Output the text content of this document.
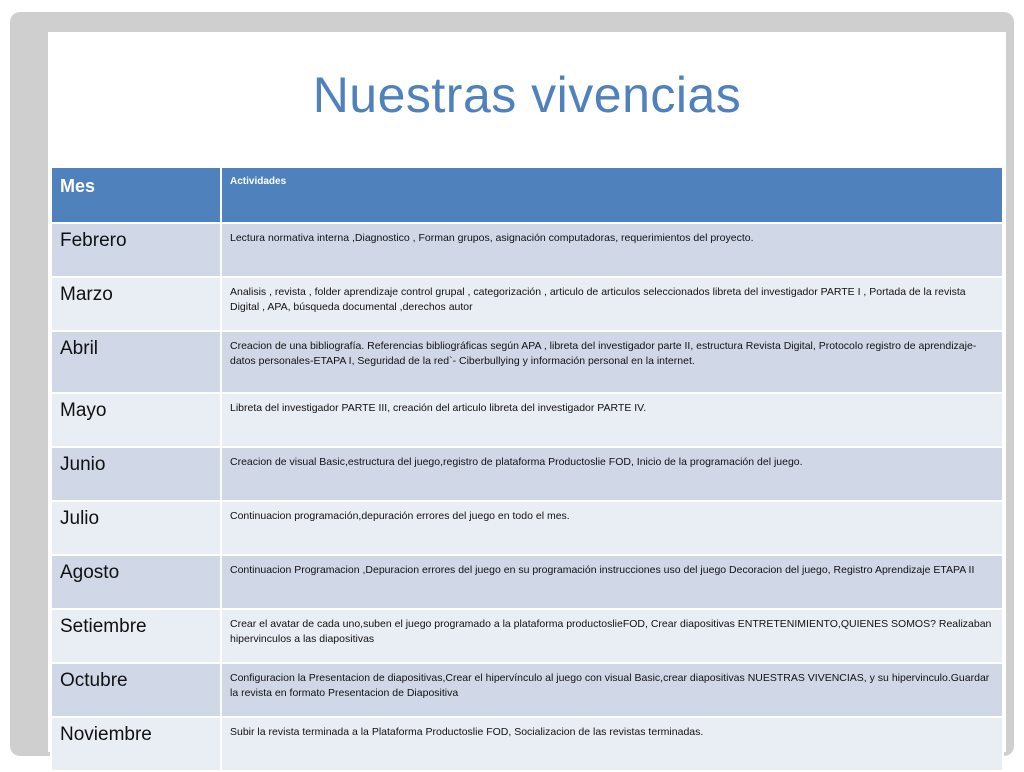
Nuestras vivencias
Mes	Actividades
Febrero	Lectura normativa interna ,Diagnostico , Forman grupos, asignación computadoras, requerimientos del proyecto.
Marzo	Analisis , revista , folder aprendizaje control grupal , categorización , articulo de articulos seleccionados libreta del investigador PARTE I , Portada de la revista Digital , APA, búsqueda documental ,derechos autor
Abril	Creacion de una bibliografía. Referencias bibliográficas según APA , libreta del investigador parte II, estructura Revista Digital, Protocolo registro de aprendizaje- datos personales-ETAPA I, Seguridad de la red`- Ciberbullying y información personal en la internet.
Mayo	Libreta del investigador PARTE III, creación del articulo libreta del investigador PARTE IV.
Junio	Creacion de visual Basic,estructura del juego,registro de plataforma Productoslie FOD, Inicio de la programación del juego.
Julio	Continuacion programación,depuración errores del juego en todo el mes.
Agosto	Continuacion Programacion ,Depuracion errores del juego en su programación instrucciones uso del juego Decoracion del juego, Registro Aprendizaje ETAPA II
Setiembre	Crear el avatar de cada uno,suben el juego programado a la plataforma productoslieFOD, Crear diapositivas ENTRETENIMIENTO,QUIENES SOMOS? Realizaban hipervinculos a las diapositivas
Octubre	Configuracion la Presentacion de diapositivas,Crear el hipervínculo al juego con visual Basic,crear diapositivas NUESTRAS VIVENCIAS, y su hipervinculo.Guardar la revista en formato Presentacion de Diapositiva
Noviembre	Subir la revista terminada a la Plataforma Productoslie FOD, Socializacion de las revistas terminadas.
